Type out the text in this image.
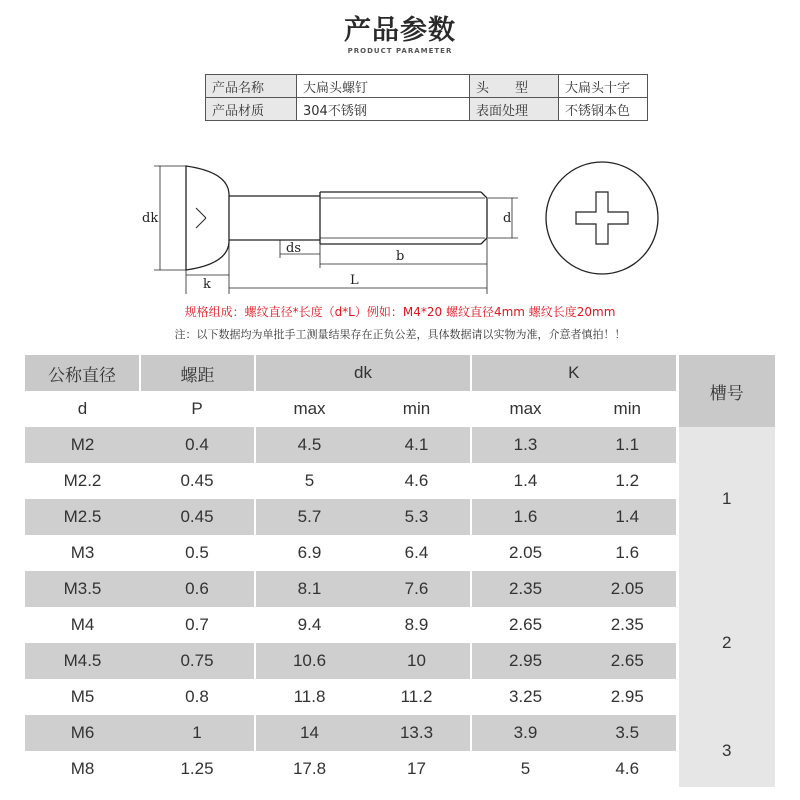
产品参数
PRODUCT PARAMETER
产品名称	大扁头螺钉	头　　型	大扁头十字
产品材质	304不锈钢	表面处理	不锈钢本色
dk	d
k
ds
b
L
规格组成：螺纹直径*长度（d*L）例如：M4*20 螺纹直径4mm 螺纹长度20mm
注：以下数据均为单批手工测量结果存在正负公差，具体数据请以实物为准，介意者慎拍！！
公称直径	螺距	dk		K		槽号
d	P	max	min	max	min	
M2	0.4	4.5	4.1	1.3	1.1	1
M2.2	0.45	5	4.6	1.4	1.2	
M2.5	0.45	5.7	5.3	1.6	1.4	
M3	0.5	6.9	6.4	2.05	1.6	
M3.5	0.6	8.1	7.6	2.35	2.05	2
M4	0.7	9.4	8.9	2.65	2.35	
M4.5	0.75	10.6	10	2.95	2.65	
M5	0.8	11.8	11.2	3.25	2.95	
M6	1	14	13.3	3.9	3.5	3
M8	1.25	17.8	17	5	4.6	
